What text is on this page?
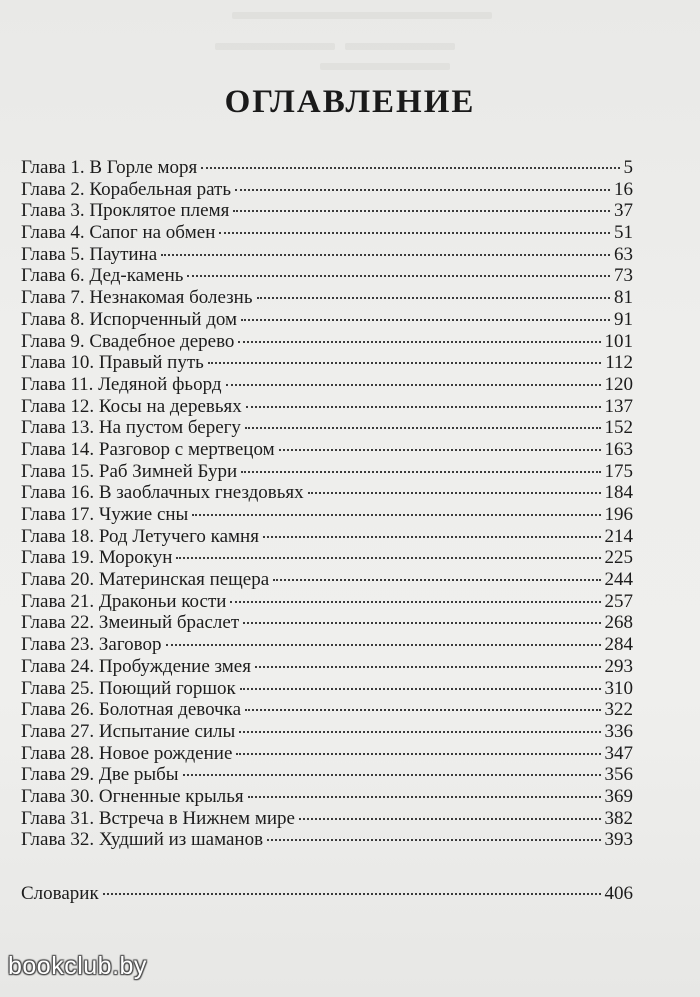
ОГЛАВЛЕНИЕ
Глава 1. В Горле моря	5
Глава 2. Корабельная рать	16
Глава 3. Проклятое племя	37
Глава 4. Сапог на обмен	51
Глава 5. Паутина	63
Глава 6. Дед-камень	73
Глава 7. Незнакомая болезнь	81
Глава 8. Испорченный дом	91
Глава 9. Свадебное дерево	101
Глава 10. Правый путь	112
Глава 11. Ледяной фьорд	120
Глава 12. Косы на деревьях	137
Глава 13. На пустом берегу	152
Глава 14. Разговор с мертвецом	163
Глава 15. Раб Зимней Бури	175
Глава 16. В заоблачных гнездовьях	184
Глава 17. Чужие сны	196
Глава 18. Род Летучего камня	214
Глава 19. Морокун	225
Глава 20. Материнская пещера	244
Глава 21. Драконьи кости	257
Глава 22. Змеиный браслет	268
Глава 23. Заговор	284
Глава 24. Пробуждение змея	293
Глава 25. Поющий горшок	310
Глава 26. Болотная девочка	322
Глава 27. Испытание силы	336
Глава 28. Новое рождение	347
Глава 29. Две рыбы	356
Глава 30. Огненные крылья	369
Глава 31. Встреча в Нижнем мире	382
Глава 32. Худший из шаманов	393
Словарик	406
bookclub.by
